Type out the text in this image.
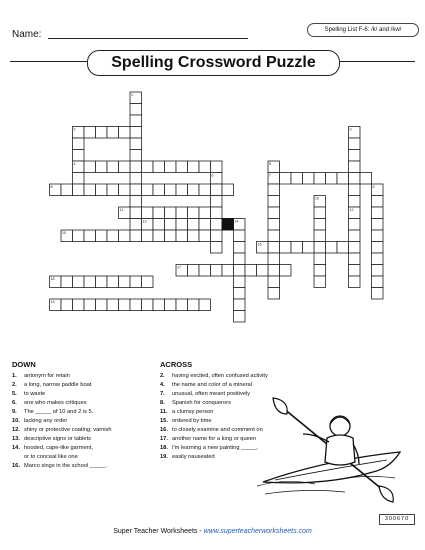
Name:	Spelling List F-6: /k/ and /kw/
Spelling Crossword Puzzle
1
2	3
4	5
6	7
8	9
10
11	12
13	14
15
16
17
18
19
DOWN	ACROSS
1. antonym for retain
2. a long, narrow paddle boat
5. to waste
6. one who makes critiques
9. The _____ of 10 and 2 is 5.
10. lacking any order
12. shiny or protective coating; varnish
13. descriptive signs or tablets
14. hooded, cape-like garment,
or to conceal like one
16. Marco sings in the school _____.
2. having excited, often confused activity
4. the name and color of a mineral
7. unusual, often meant positively
8. Spanish for conquerors
11. a clumsy person
15. ordered by time
16. to closely examine and comment on
17. another name for a king or queen
18. I'm learning a new painting _____.
19. easily nauseated
300670
Super Teacher Worksheets - www.superteacherworksheets.com
